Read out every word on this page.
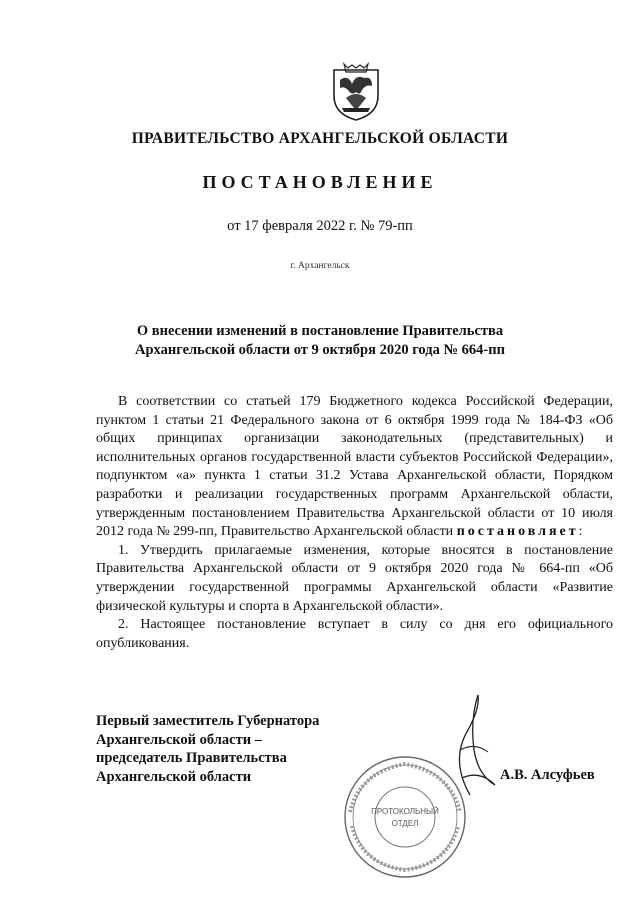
ПРАВИТЕЛЬСТВО АРХАНГЕЛЬСКОЙ ОБЛАСТИ
ПОСТАНОВЛЕНИЕ
от 17 февраля 2022 г. № 79-пп
г. Архангельск
О внесении изменений в постановление Правительства
Архангельской области от 9 октября 2020 года № 664-пп

В соответствии со статьей 179 Бюджетного кодекса Российской Федерации, пунктом 1 статьи 21 Федерального закона от 6 октября 1999 года № 184-ФЗ «Об общих принципах организации законодательных (представительных) и исполнительных органов государственной власти субъектов Российской Федерации», подпунктом «а» пункта 1 статьи 31.2 Устава Архангельской области, Порядком разработки и реализации государственных программ Архангельской области, утвержденным постановлением Правительства Архангельской области от 10 июля 2012 года № 299-пп, Правительство Архангельской области постановляет:

1. Утвердить прилагаемые изменения, которые вносятся в постановление Правительства Архангельской области от 9 октября 2020 года № 664-пп «Об утверждении государственной программы Архангельской области «Развитие физической культуры и спорта в Архангельской области».

2. Настоящее постановление вступает в силу со дня его официального опубликования.

ПРОТОКОЛЬНЫЙ
ОТДЕЛ
Первый заместитель Губернатора
Архангельской области –
председатель Правительства
Архангельской области	А.В. Алсуфьев
